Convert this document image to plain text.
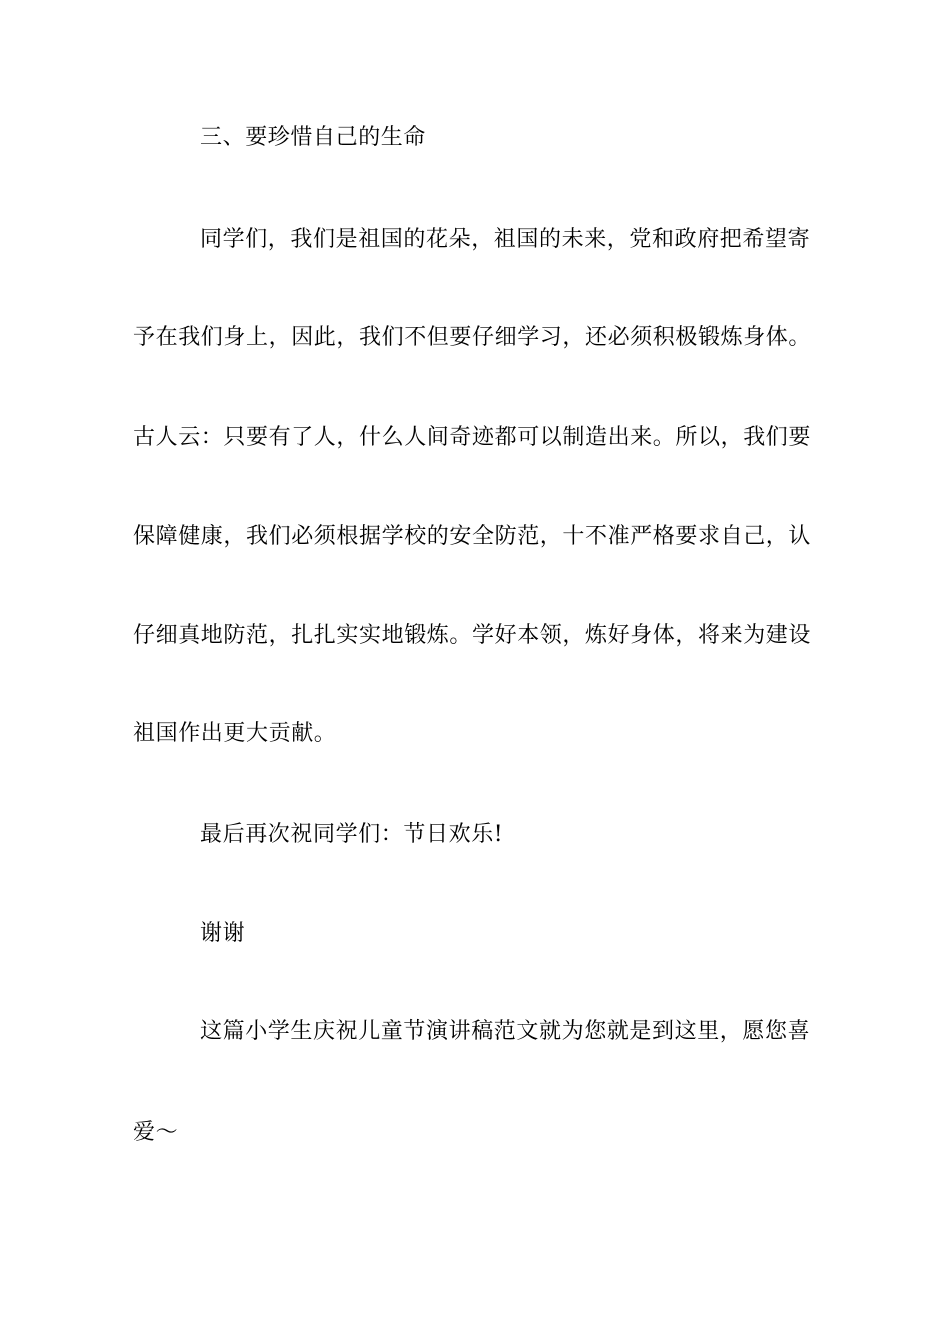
三、要珍惜自己的生命

同学们，我们是祖国的花朵，祖国的未来，党和政府把希望寄

予在我们身上，因此，我们不但要仔细学习，还必须积极锻炼身体。

古人云：只要有了人，什么人间奇迹都可以制造出来。所以，我们要

保障健康，我们必须根据学校的安全防范，十不准严格要求自己，认

仔细真地防范，扎扎实实地锻炼。学好本领，炼好身体，将来为建设

祖国作出更大贡献。

最后再次祝同学们：节日欢乐!

谢谢

这篇小学生庆祝儿童节演讲稿范文就为您就是到这里，愿您喜

爱～
